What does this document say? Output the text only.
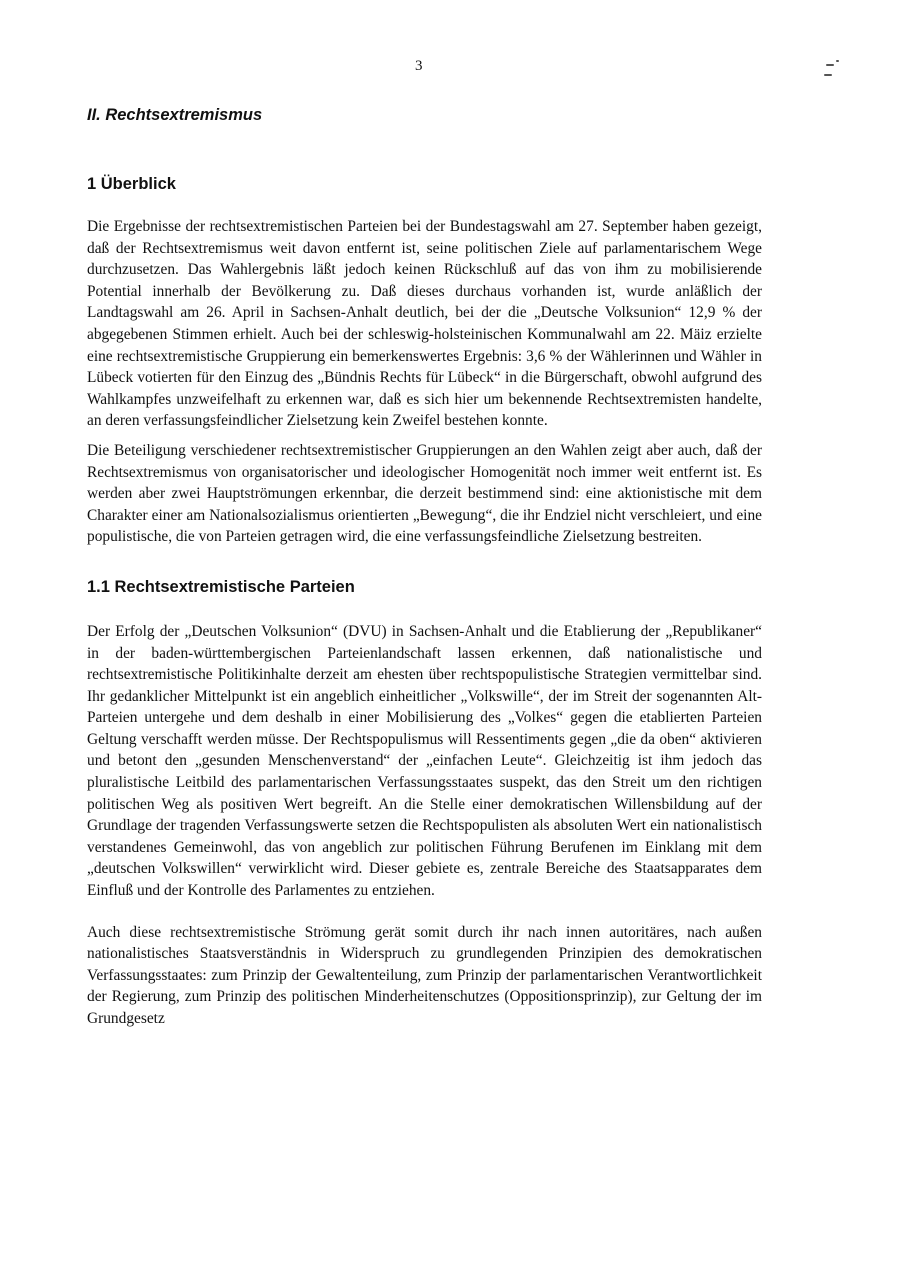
3
II. Rechtsextremismus
1 Überblick

Die Ergebnisse der rechtsextremistischen Parteien bei der Bundestagswahl am 27. September haben gezeigt, daß der Rechtsextremismus weit davon entfernt ist, seine politischen Ziele auf parlamentarischem Wege durchzusetzen. Das Wahlergebnis läßt jedoch keinen Rückschluß auf das von ihm zu mobilisierende Potential innerhalb der Bevölkerung zu. Daß dieses durchaus vorhanden ist, wurde anläßlich der Landtagswahl am 26. April in Sachsen-Anhalt deutlich, bei der die „Deutsche Volksunion“ 12,9 % der abgegebenen Stimmen erhielt. Auch bei der schleswig-holsteinischen Kommunalwahl am 22. Mäiz erzielte eine rechtsextremistische Gruppierung ein bemerkenswertes Ergebnis: 3,6 % der Wählerinnen und Wähler in Lübeck votierten für den Einzug des „Bündnis Rechts für Lübeck“ in die Bürgerschaft, obwohl aufgrund des Wahlkampfes unzweifelhaft zu erkennen war, daß es sich hier um bekennende Rechtsextremisten handelte, an deren verfassungsfeindlicher Zielsetzung kein Zweifel bestehen konnte.

Die Beteiligung verschiedener rechtsextremistischer Gruppierungen an den Wahlen zeigt aber auch, daß der Rechtsextremismus von organisatorischer und ideologischer Homogenität noch immer weit entfernt ist. Es werden aber zwei Hauptströmungen erkennbar, die derzeit bestimmend sind: eine aktionistische mit dem Charakter einer am Nationalsozialismus orientierten „Bewegung“, die ihr Endziel nicht verschleiert, und eine populistische, die von Parteien getragen wird, die eine verfassungsfeindliche Zielsetzung bestreiten.

1.1 Rechtsextremistische Parteien

Der Erfolg der „Deutschen Volksunion“ (DVU) in Sachsen-Anhalt und die Etablierung der „Republikaner“ in der baden-württembergischen Parteienlandschaft lassen erkennen, daß nationalistische und rechtsextremistische Politikinhalte derzeit am ehesten über rechtspopulistische Strategien vermittelbar sind. Ihr gedanklicher Mittelpunkt ist ein angeblich einheitlicher „Volkswille“, der im Streit der sogenannten Alt-Parteien untergehe und dem deshalb in einer Mobilisierung des „Volkes“ gegen die etablierten Parteien Geltung verschafft werden müsse. Der Rechtspopulismus will Ressentiments gegen „die da oben“ aktivieren und betont den „gesunden Menschenverstand“ der „einfachen Leute“. Gleichzeitig ist ihm jedoch das pluralistische Leitbild des parlamentarischen Verfassungsstaates suspekt, das den Streit um den richtigen politischen Weg als positiven Wert begreift. An die Stelle einer demokratischen Willensbildung auf der Grundlage der tragenden Verfassungswerte setzen die Rechtspopulisten als absoluten Wert ein nationalistisch verstandenes Gemeinwohl, das von angeblich zur politischen Führung Berufenen im Einklang mit dem „deutschen Volkswillen“ verwirklicht wird. Dieser gebiete es, zentrale Bereiche des Staatsapparates dem Einfluß und der Kontrolle des Parlamentes zu entziehen.

Auch diese rechtsextremistische Strömung gerät somit durch ihr nach innen autoritäres, nach außen nationalistisches Staatsverständnis in Widerspruch zu grundlegenden Prinzipien des demokratischen Verfassungsstaates: zum Prinzip der Gewaltenteilung, zum Prinzip der parlamentarischen Verantwortlichkeit der Regierung, zum Prinzip des politischen Minderheitenschutzes (Oppositionsprinzip), zur Geltung der im Grundgesetz
